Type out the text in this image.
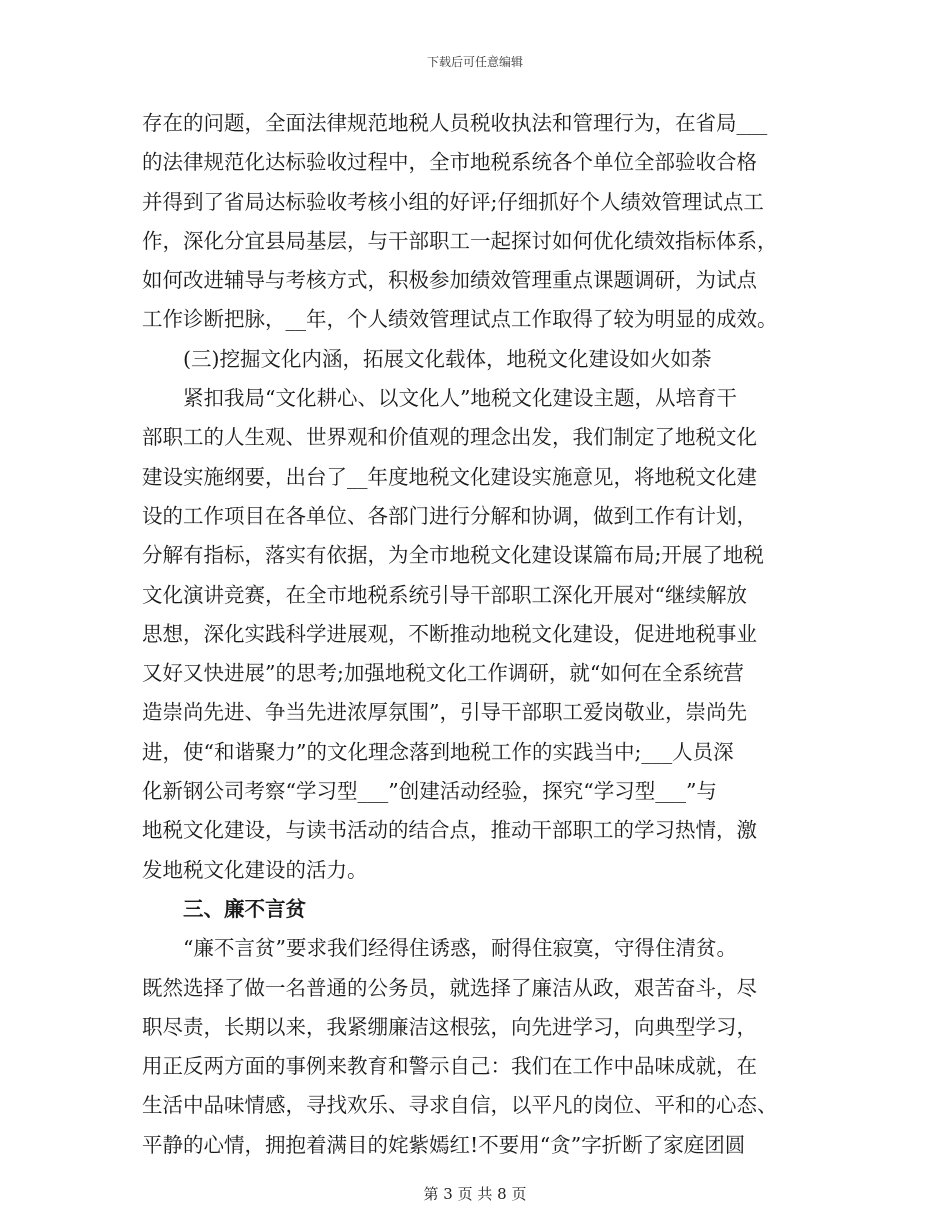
下载后可任意编辑
存在的问题，全面法律规范地税人员税收执法和管理行为，在省局___
的法律规范化达标验收过程中，全市地税系统各个单位全部验收合格
并得到了省局达标验收考核小组的好评;仔细抓好个人绩效管理试点工
作，深化分宜县局基层，与干部职工一起探讨如何优化绩效指标体系，
如何改进辅导与考核方式，积极参加绩效管理重点课题调研，为试点
工作诊断把脉，__年，个人绩效管理试点工作取得了较为明显的成效。
(三)挖掘文化内涵，拓展文化载体，地税文化建设如火如荼
紧扣我局“文化耕心、以文化人”地税文化建设主题，从培育干
部职工的人生观、世界观和价值观的理念出发，我们制定了地税文化
建设实施纲要，出台了__年度地税文化建设实施意见，将地税文化建
设的工作项目在各单位、各部门进行分解和协调，做到工作有计划，
分解有指标，落实有依据，为全市地税文化建设谋篇布局;开展了地税
文化演讲竞赛，在全市地税系统引导干部职工深化开展对“继续解放
思想，深化实践科学进展观，不断推动地税文化建设，促进地税事业
又好又快进展”的思考;加强地税文化工作调研，就“如何在全系统营
造崇尚先进、争当先进浓厚氛围”，引导干部职工爱岗敬业，崇尚先
进，使“和谐聚力”的文化理念落到地税工作的实践当中;___人员深
化新钢公司考察“学习型___”创建活动经验，探究“学习型___”与
地税文化建设，与读书活动的结合点，推动干部职工的学习热情，激
发地税文化建设的活力。
三、廉不言贫
“廉不言贫”要求我们经得住诱惑，耐得住寂寞，守得住清贫。
既然选择了做一名普通的公务员，就选择了廉洁从政，艰苦奋斗，尽
职尽责，长期以来，我紧绷廉洁这根弦，向先进学习，向典型学习，
用正反两方面的事例来教育和警示自己：我们在工作中品味成就，在
生活中品味情感，寻找欢乐、寻求自信，以平凡的岗位、平和的心态、
平静的心情，拥抱着满目的姹紫嫣红!不要用“贪”字折断了家庭团圆
第 3 页 共 8 页
